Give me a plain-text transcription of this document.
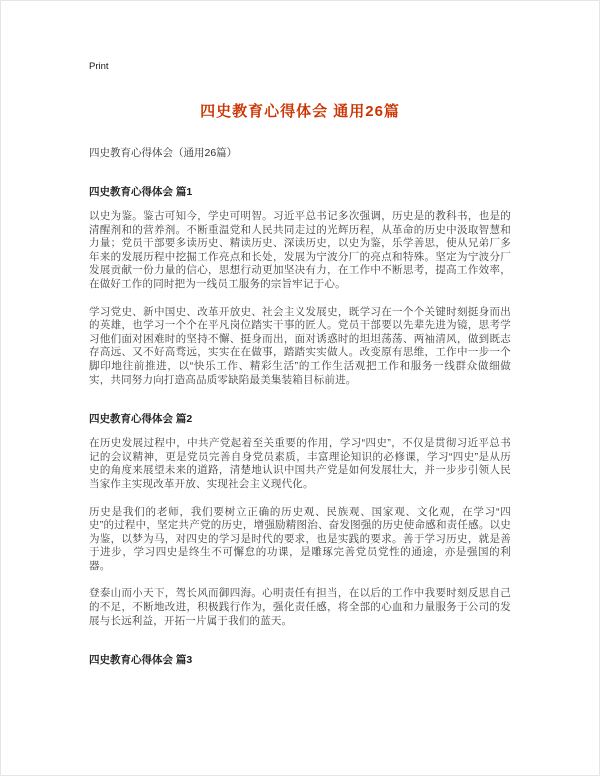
Print
四史教育心得体会 通用26篇

四史教育心得体会（通用26篇）

四史教育心得体会 篇1

以史为鉴。鉴古可知今，学史可明智。习近平总书记多次强调，历史是的教科书，也是的清醒剂和的营养剂。不断重温党和人民共同走过的光辉历程，从革命的历史中汲取智慧和力量；党员干部要多读历史、精读历史、深读历史，以史为鉴，乐学善思，使从兄弟厂多年来的发展历程中挖掘工作亮点和长处，发展为宁波分厂的亮点和特殊。坚定为宁波分厂发展贡献一份力量的信心，思想行动更加坚决有力，在工作中不断思考，提高工作效率，在做好工作的同时把为一线员工服务的宗旨牢记于心。

学习党史、新中国史、改革开放史、社会主义发展史，既学习在一个个关键时刻挺身而出的英雄，也学习一个个在平凡岗位踏实干事的匠人。党员干部要以先辈先进为镜，思考学习他们面对困难时的坚持不懈、挺身而出，面对诱惑时的坦坦荡荡、两袖清风，做到既志存高远、又不好高骛远，实实在在做事，踏踏实实做人。改变原有思维，工作中一步一个脚印地往前推进，以“快乐工作、精彩生活”的工作生活观把工作和服务一线群众做细做实，共同努力向打造高品质零缺陷最美集装箱目标前进。

四史教育心得体会 篇2

在历史发展过程中，中共产党起着至关重要的作用，学习“四史”，不仅是贯彻习近平总书记的会议精神，更是党员完善自身党员素质，丰富理论知识的必修课，学习“四史”是从历史的角度来展望未来的道路，清楚地认识中国共产党是如何发展壮大，并一步步引领人民当家作主实现改革开放、实现社会主义现代化。

历史是我们的老师，我们要树立正确的历史观、民族观、国家观、文化观，在学习“四史”的过程中，坚定共产党的历史，增强励精图治、奋发图强的历史使命感和责任感。以史为鉴，以梦为马，对四史的学习是时代的要求，也是实践的要求。善于学习历史，就是善于进步，学习四史是终生不可懈怠的功课，是雕琢完善党员党性的通途，亦是强国的利器。

登泰山而小天下，驾长风而御四海。心明责任有担当，在以后的工作中我要时刻反思自己的不足，不断地改进，积极践行作为，强化责任感，将全部的心血和力量服务于公司的发展与长远利益，开拓一片属于我们的蓝天。

四史教育心得体会 篇3
